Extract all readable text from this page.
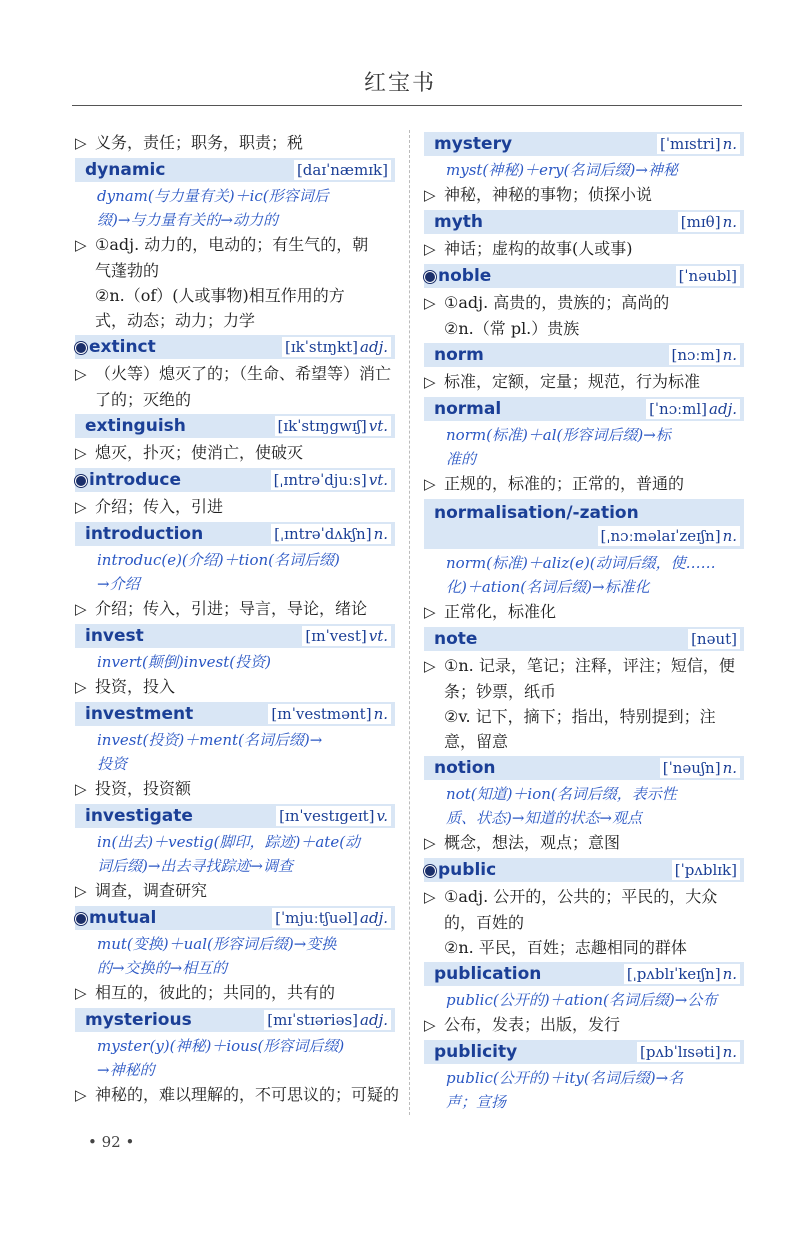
红宝书
▷ 义务，责任；职务，职责；税
dynamic	[daɪˈnæmɪk]
dynam(与力量有关)＋ic(形容词后
缀)→与力量有关的→动力的
▷ ①adj. 动力的，电动的；有生气的，朝
气蓬勃的
②n.（of）(人或事物)相互作用的方
式，动态；动力；力学
extinct	[ɪkˈstɪŋkt] adj.
▷ （火等）熄灭了的；（生命、希望等）消亡
了的；灭绝的
extinguish	[ɪkˈstɪŋgwɪʃ] vt.
▷ 熄灭，扑灭；使消亡，使破灭
introduce	[ˌɪntrəˈdjuːs] vt.
▷ 介绍；传入，引进
introduction	[ˌɪntrəˈdʌkʃn] n.
introduc(e)(介绍)＋tion(名词后缀)
→介绍
▷ 介绍；传入，引进；导言，导论，绪论
invest	[ɪnˈvest] vt.
invert(颠倒)invest(投资)
▷ 投资，投入
investment	[ɪnˈvestmənt] n.
invest(投资)＋ment(名词后缀)→
投资
▷ 投资，投资额
investigate	[ɪnˈvestɪgeɪt] v.
in(出去)＋vestig(脚印，踪迹)＋ate(动
词后缀)→出去寻找踪迹→调查
▷ 调查，调查研究
mutual	[ˈmjuːtʃuəl] adj.
mut(变换)＋ual(形容词后缀)→变换
的→交换的→相互的
▷ 相互的，彼此的；共同的，共有的
mysterious	[mɪˈstɪəriəs] adj.
myster(y)(神秘)＋ious(形容词后缀)
→神秘的
▷ 神秘的，难以理解的，不可思议的；可疑的
mystery	[ˈmɪstri] n.
myst(神秘)＋ery(名词后缀)→神秘
▷ 神秘，神秘的事物；侦探小说
myth	[mɪθ] n.
▷ 神话；虚构的故事(人或事)
noble	[ˈnəubl]
▷ ①adj. 高贵的，贵族的；高尚的
②n.（常 pl.）贵族
norm	[nɔːm] n.
▷ 标准，定额，定量；规范，行为标准
normal	[ˈnɔːml] adj.
norm(标准)＋al(形容词后缀)→标
准的
▷ 正规的，标准的；正常的，普通的
normalisation/-zation
[ˌnɔːməlaɪˈzeɪʃn] n.
norm(标准)＋aliz(e)(动词后缀，使……
化)＋ation(名词后缀)→标准化
▷ 正常化，标准化
note	[nəut]
▷ ①n. 记录，笔记；注释，评注；短信，便
条；钞票，纸币
②v. 记下，摘下；指出，特别提到；注
意，留意
notion	[ˈnəuʃn] n.
not(知道)＋ion(名词后缀，表示性
质、状态)→知道的状态→观点
▷ 概念，想法，观点；意图
public	[ˈpʌblɪk]
▷ ①adj. 公开的，公共的；平民的，大众
的，百姓的
②n. 平民，百姓；志趣相同的群体
publication	[ˌpʌblɪˈkeɪʃn] n.
public(公开的)＋ation(名词后缀)→公布
▷ 公布，发表；出版，发行
publicity	[pʌbˈlɪsəti] n.
public(公开的)＋ity(名词后缀)→名
声；宣扬
• 92 •
